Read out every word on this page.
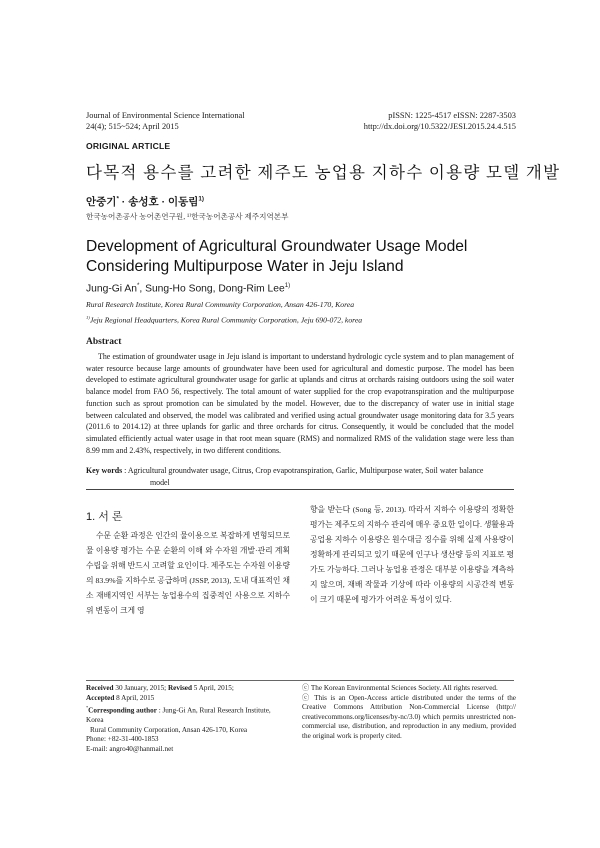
Journal of Environmental Science International
24(4); 515~524; April 2015
pISSN: 1225-4517 eISSN: 2287-3503
http://dx.doi.org/10.5322/JESI.2015.24.4.515
ORIGINAL ARTICLE
다목적 용수를 고려한 제주도 농업용 지하수 이용량 모델 개발
안중기* · 송성호 · 이동림$^{1)}$
한국농어촌공사 농어촌연구원, ¹⁾한국농어촌공사 제주지역본부
Development of Agricultural Groundwater Usage Model Considering Multipurpose Water in Jeju Island
Jung-Gi An*, Sung-Ho Song, Dong-Rim Lee$^{1)}$
Rural Research Institute, Korea Rural Community Corporation, Ansan 426-170, Korea
$^{1)}$Jeju Regional Headquarters, Korea Rural Community Corporation, Jeju 690-072, korea
Abstract

The estimation of groundwater usage in Jeju island is important to understand hydrologic cycle system and to plan management of water resource because large amounts of groundwater have been used for agricultural and domestic purpose. The model has been developed to estimate agricultural groundwater usage for garlic at uplands and citrus at orchards raising outdoors using the soil water balance model from FAO 56, respectively. The total amount of water supplied for the crop evapotranspiration and the multipurpose function such as sprout promotion can be simulated by the model. However, due to the discrepancy of water use in initial stage between calculated and observed, the model was calibrated and verified using actual groundwater usage monitoring data for 3.5 years (2011.6 to 2014.12) at three uplands for garlic and three orchards for citrus. Consequently, it would be concluded that the model simulated efficiently actual water usage in that root mean square (RMS) and normalized RMS of the validation stage were less than 8.99 mm and 2.43%, respectively, in two different conditions.

Key words : Agricultural groundwater usage, Citrus, Crop evapotranspiration, Garlic, Multipurpose water, Soil water balance
model
1. 서 론

수문 순환 과정은 인간의 물이용으로 복잡하게 변형되므로 물 이용량 평가는 수문 순환의 이해 와 수자원 개발·관리 계획 수립을 위해 반드시 고려할 요인이다. 제주도는 수자원 이용량의 83.9%를 지하수로 공급하며 (JSSP, 2013), 도내 대표적인 채소 재배지역인 서부는 농업용수의 집중적인 사용으로 지하수위 변동이 크게 영

향을 받는다 (Song 등, 2013). 따라서 지하수 이용량의 정확한 평가는 제주도의 지하수 관리에 매우 중요한 일이다. 생활용과 공업용 지하수 이용량은 원수대금 징수를 위해 실제 사용량이 정확하게 관리되고 있기 때문에 인구나 생산량 등의 지표로 평가도 가능하다. 그러나 농업용 관정은 대부분 이용량을 계측하지 않으며, 재배 작물과 기상에 따라 이용량의 시공간적 변동이 크기 때문에 평가가 어려운 특성이 있다.

Received 30 January, 2015; Revised 5 April, 2015;
Accepted 8 April, 2015
*Corresponding author : Jung-Gi An, Rural Research Institute, Korea
Rural Community Corporation, Ansan 426-170, Korea
Phone: +82-31-400-1853
E-mail: angro40@hanmail.net
ⓒ The Korean Environmental Sciences Society. All rights reserved.
ⓒ This is an Open-Access article distributed under the terms of the Creative Commons Attribution Non-Commercial License (http:// creativecommons.org/licenses/by-nc/3.0) which permits unrestricted non-commercial use, distribution, and reproduction in any medium, provided the original work is properly cited.
